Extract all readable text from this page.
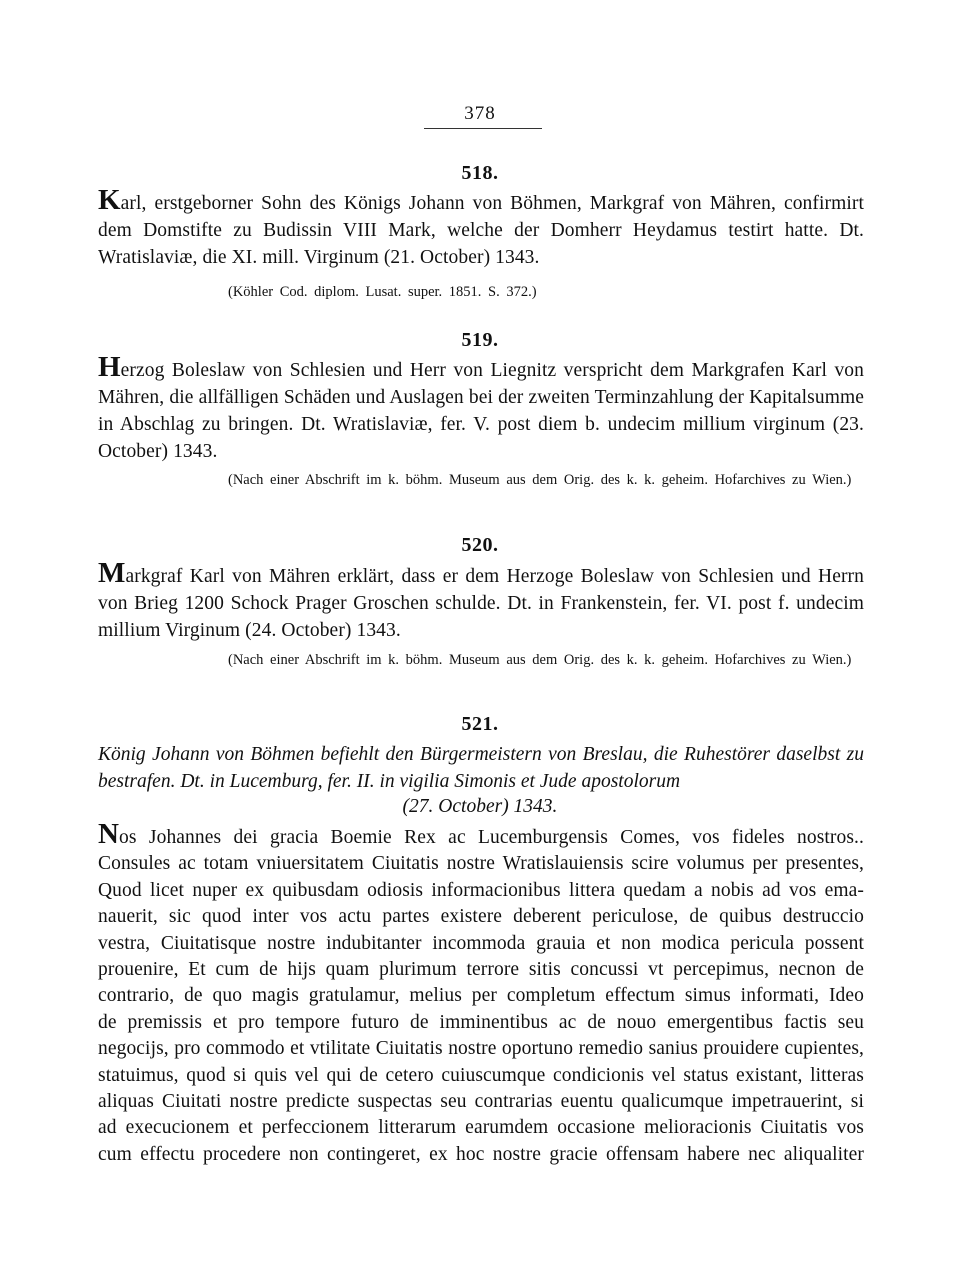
378
518.
Karl, erstgeborner Sohn des Königs Johann von Böhmen, Markgraf von Mähren, confirmirt dem Domstifte zu Budissin VIII Mark, welche der Domherr Heydamus testirt hatte. Dt. Wratislaviæ, die XI. mill. Virginum (21. October) 1343.
(Köhler Cod. diplom. Lusat. super. 1851. S. 372.)
519.
Herzog Boleslaw von Schlesien und Herr von Liegnitz verspricht dem Markgrafen Karl von Mähren, die allfälligen Schäden und Auslagen bei der zweiten Terminzahlung der Kapitalsumme in Abschlag zu bringen. Dt. Wratislaviæ, fer. V. post diem b. undecim millium virginum (23. October) 1343.
(Nach einer Abschrift im k. böhm. Museum aus dem Orig. des k. k. geheim. Hofarchives zu Wien.)
520.
Markgraf Karl von Mähren erklärt, dass er dem Herzoge Boleslaw von Schlesien und Herrn von Brieg 1200 Schock Prager Groschen schulde. Dt. in Frankenstein, fer. VI. post f. undecim millium Virginum (24. October) 1343.
(Nach einer Abschrift im k. böhm. Museum aus dem Orig. des k. k. geheim. Hofarchives zu Wien.)
521.
König Johann von Böhmen befiehlt den Bürgermeistern von Breslau, die Ruhestörer daselbst zu bestrafen. Dt. in Lucemburg, fer. II. in vigilia Simonis et Jude apostolorum
(27. October) 1343.
Nos Johannes dei gracia Boemie Rex ac Lucemburgensis Comes, vos fideles nostros..
Consules ac totam vniuersitatem Ciuitatis nostre Wratislauiensis scire volumus per presentes,
Quod licet nuper ex quibusdam odiosis informacionibus littera quedam a nobis ad vos ema-
nauerit, sic quod inter vos actu partes existere deberent periculose, de quibus destruccio
vestra, Ciuitatisque nostre indubitanter incommoda grauia et non modica pericula possent
prouenire, Et cum de hijs quam plurimum terrore sitis concussi vt percepimus, necnon de
contrario, de quo magis gratulamur, melius per completum effectum simus informati, Ideo
de premissis et pro tempore futuro de imminentibus ac de nouo emergentibus factis seu
negocijs, pro commodo et vtilitate Ciuitatis nostre oportuno remedio sanius prouidere cupientes,
statuimus, quod si quis vel qui de cetero cuiuscumque condicionis vel status existant, litteras
aliquas Ciuitati nostre predicte suspectas seu contrarias euentu qualicumque impetrauerint, si
ad execucionem et perfeccionem litterarum earumdem occasione melioracionis Ciuitatis vos
cum effectu procedere non contingeret, ex hoc nostre gracie offensam habere nec aliqualiter
